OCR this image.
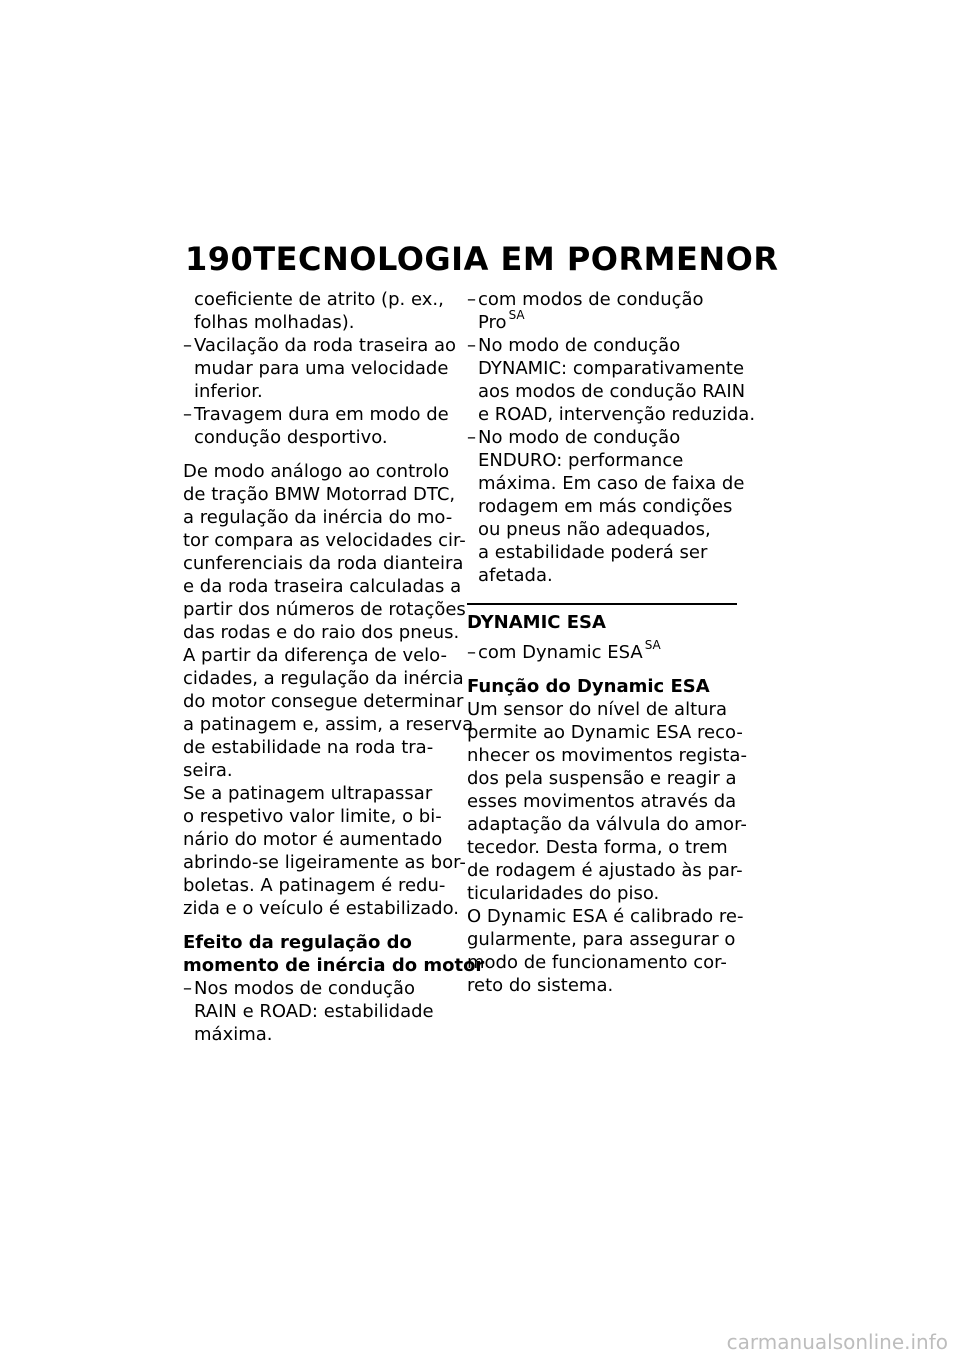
190 TECNOLOGIA EM PORMENOR
coeficiente de atrito (p. ex.,
folhas molhadas).
– Vacilação da roda traseira ao
mudar para uma velocidade
inferior.
– Travagem dura em modo de
condução desportivo.
De modo análogo ao controlo
de tração BMW Motorrad DTC,
a regulação da inércia do mo-
tor compara as velocidades cir-
cunferenciais da roda dianteira
e da roda traseira calculadas a
partir dos números de rotações
das rodas e do raio dos pneus.
A partir da diferença de velo-
cidades, a regulação da inércia
do motor consegue determinar
a patinagem e, assim, a reserva
de estabilidade na roda tra-
seira.
Se a patinagem ultrapassar
o respetivo valor limite, o bi-
nário do motor é aumentado
abrindo-se ligeiramente as bor-
boletas. A patinagem é redu-
zida e o veículo é estabilizado.
Efeito da regulação do
momento de inércia do motor
– Nos modos de condução
RAIN e ROAD: estabilidade
máxima.
– com modos de condução
Pro $^{SA}$
– No modo de condução
DYNAMIC: comparativamente
aos modos de condução RAIN
e ROAD, intervenção reduzida.
– No modo de condução
ENDURO: performance
máxima. Em caso de faixa de
rodagem em más condições
ou pneus não adequados,
a estabilidade poderá ser
afetada.
DYNAMIC ESA
– com Dynamic ESA $^{SA}$
Função do Dynamic ESA
Um sensor do nível de altura
permite ao Dynamic ESA reco-
nhecer os movimentos regista-
dos pela suspensão e reagir a
esses movimentos através da
adaptação da válvula do amor-
tecedor. Desta forma, o trem
de rodagem é ajustado às par-
ticularidades do piso.
O Dynamic ESA é calibrado re-
gularmente, para assegurar o
modo de funcionamento cor-
reto do sistema.
carmanualsonline.info
